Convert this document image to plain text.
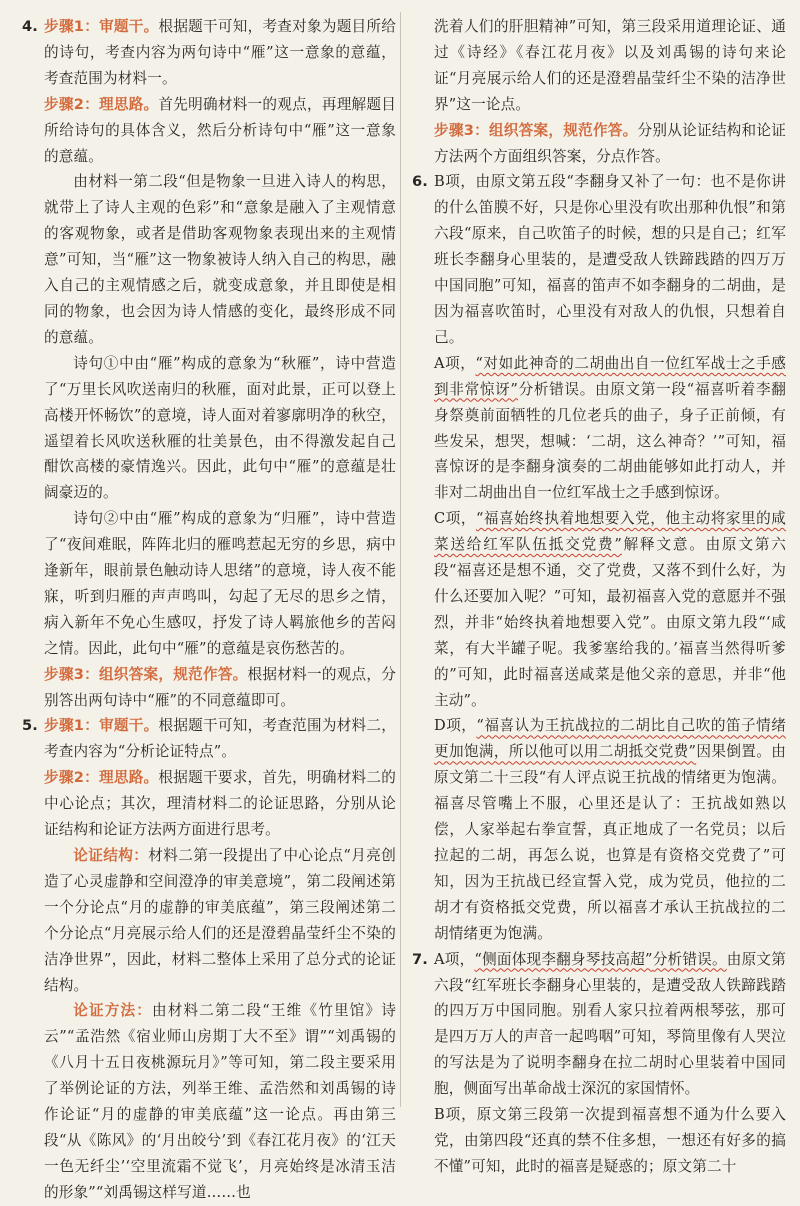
4. 步骤1：审题干。根据题干可知，考查对象为题目所给的诗句，考查内容为两句诗中“雁”这一意象的意蕴，考查范围为材料一。

步骤2：理思路。首先明确材料一的观点，再理解题目所给诗句的具体含义，然后分析诗句中“雁”这一意象的意蕴。

由材料一第二段“但是物象一旦进入诗人的构思，就带上了诗人主观的色彩”和“意象是融入了主观情意的客观物象，或者是借助客观物象表现出来的主观情意”可知，当“雁”这一物象被诗人纳入自己的构思，融入自己的主观情感之后，就变成意象，并且即使是相同的物象，也会因为诗人情感的变化，最终形成不同的意蕴。

诗句①中由“雁”构成的意象为“秋雁”，诗中营造了“万里长风吹送南归的秋雁，面对此景，正可以登上高楼开怀畅饮”的意境，诗人面对着寥廓明净的秋空，遥望着长风吹送秋雁的壮美景色，由不得激发起自己酣饮高楼的豪情逸兴。因此，此句中“雁”的意蕴是壮阔豪迈的。

诗句②中由“雁”构成的意象为“归雁”，诗中营造了“夜间难眠，阵阵北归的雁鸣惹起无穷的乡思，病中逢新年，眼前景色触动诗人思绪”的意境，诗人夜不能寐，听到归雁的声声鸣叫，勾起了无尽的思乡之情，病入新年不免心生感叹，抒发了诗人羁旅他乡的苦闷之情。因此，此句中“雁”的意蕴是哀伤愁苦的。

步骤3：组织答案，规范作答。根据材料一的观点，分别答出两句诗中“雁”的不同意蕴即可。

5. 步骤1：审题干。根据题干可知，考查范围为材料二，考查内容为“分析论证特点”。

步骤2：理思路。根据题干要求，首先，明确材料二的中心论点；其次，理清材料二的论证思路，分别从论证结构和论证方法两方面进行思考。

论证结构：材料二第一段提出了中心论点“月亮创造了心灵虚静和空间澄净的审美意境”，第二段阐述第一个分论点“月的虚静的审美底蕴”，第三段阐述第二个分论点“月亮展示给人们的还是澄碧晶莹纤尘不染的洁净世界”，因此，材料二整体上采用了总分式的论证结构。

论证方法：由材料二第二段“王维《竹里馆》诗云”“孟浩然《宿业师山房期丁大不至》谓”“刘禹锡的《八月十五日夜桃源玩月》”等可知，第二段主要采用了举例论证的方法，列举王维、孟浩然和刘禹锡的诗作论证“月的虚静的审美底蕴”这一论点。再由第三段“从《陈风》的‘月出皎兮’到《春江花月夜》的‘江天一色无纤尘’‘空里流霜不觉飞’，月亮始终是冰清玉洁的形象”“刘禹锡这样写道……也

洗着人们的肝胆精神”可知，第三段采用道理论证、通过《诗经》《春江花月夜》以及刘禹锡的诗句来论证“月亮展示给人们的还是澄碧晶莹纤尘不染的洁净世界”这一论点。

步骤3：组织答案，规范作答。分别从论证结构和论证方法两个方面组织答案，分点作答。

6. B项，由原文第五段“李翻身又补了一句：也不是你讲的什么笛膜不好，只是你心里没有吹出那种仇恨”和第六段“原来，自己吹笛子的时候，想的只是自己；红军班长李翻身心里装的，是遭受敌人铁蹄践踏的四万万中国同胞”可知，福喜的笛声不如李翻身的二胡曲，是因为福喜吹笛时，心里没有对敌人的仇恨，只想着自己。

A项，“对如此神奇的二胡曲出自一位红军战士之手感到非常惊讶”分析错误。由原文第一段“福喜听着李翻身祭奠前面牺牲的几位老兵的曲子，身子正前倾，有些发呆，想哭，想喊：‘二胡，这么神奇？’”可知，福喜惊讶的是李翻身演奏的二胡曲能够如此打动人，并非对二胡曲出自一位红军战士之手感到惊讶。

C项，“福喜始终执着地想要入党，他主动将家里的咸菜送给红军队伍抵交党费”解释文意。由原文第六段“福喜还是想不通，交了党费，又落不到什么好，为什么还要加入呢？”可知，最初福喜入党的意愿并不强烈，并非“始终执着地想要入党”。由原文第九段“‘咸菜，有大半罐子呢。我爹塞给我的。’福喜当然得听爹的”可知，此时福喜送咸菜是他父亲的意思，并非“他主动”。

D项，“福喜认为王抗战拉的二胡比自己吹的笛子情绪更加饱满，所以他可以用二胡抵交党费”因果倒置。由原文第二十三段“有人评点说王抗战的情绪更为饱满。福喜尽管嘴上不服，心里还是认了：王抗战如熟以偿，人家举起右拳宣誓，真正地成了一名党员；以后拉起的二胡，再怎么说，也算是有资格交党费了”可知，因为王抗战已经宣誓入党，成为党员，他拉的二胡才有资格抵交党费，所以福喜才承认王抗战拉的二胡情绪更为饱满。

7. A项，“侧面体现李翻身琴技高超”分析错误。由原文第六段“红军班长李翻身心里装的，是遭受敌人铁蹄践踏的四万万中国同胞。别看人家只拉着两根琴弦，那可是四万万人的声音一起鸣咽”可知，琴筒里像有人哭泣的写法是为了说明李翻身在拉二胡时心里装着中国同胞，侧面写出革命战士深沉的家国情怀。

B项，原文第三段第一次提到福喜想不通为什么要入党，由第四段“还真的禁不住多想，一想还有好多的搞不懂”可知，此时的福喜是疑惑的；原文第二十
